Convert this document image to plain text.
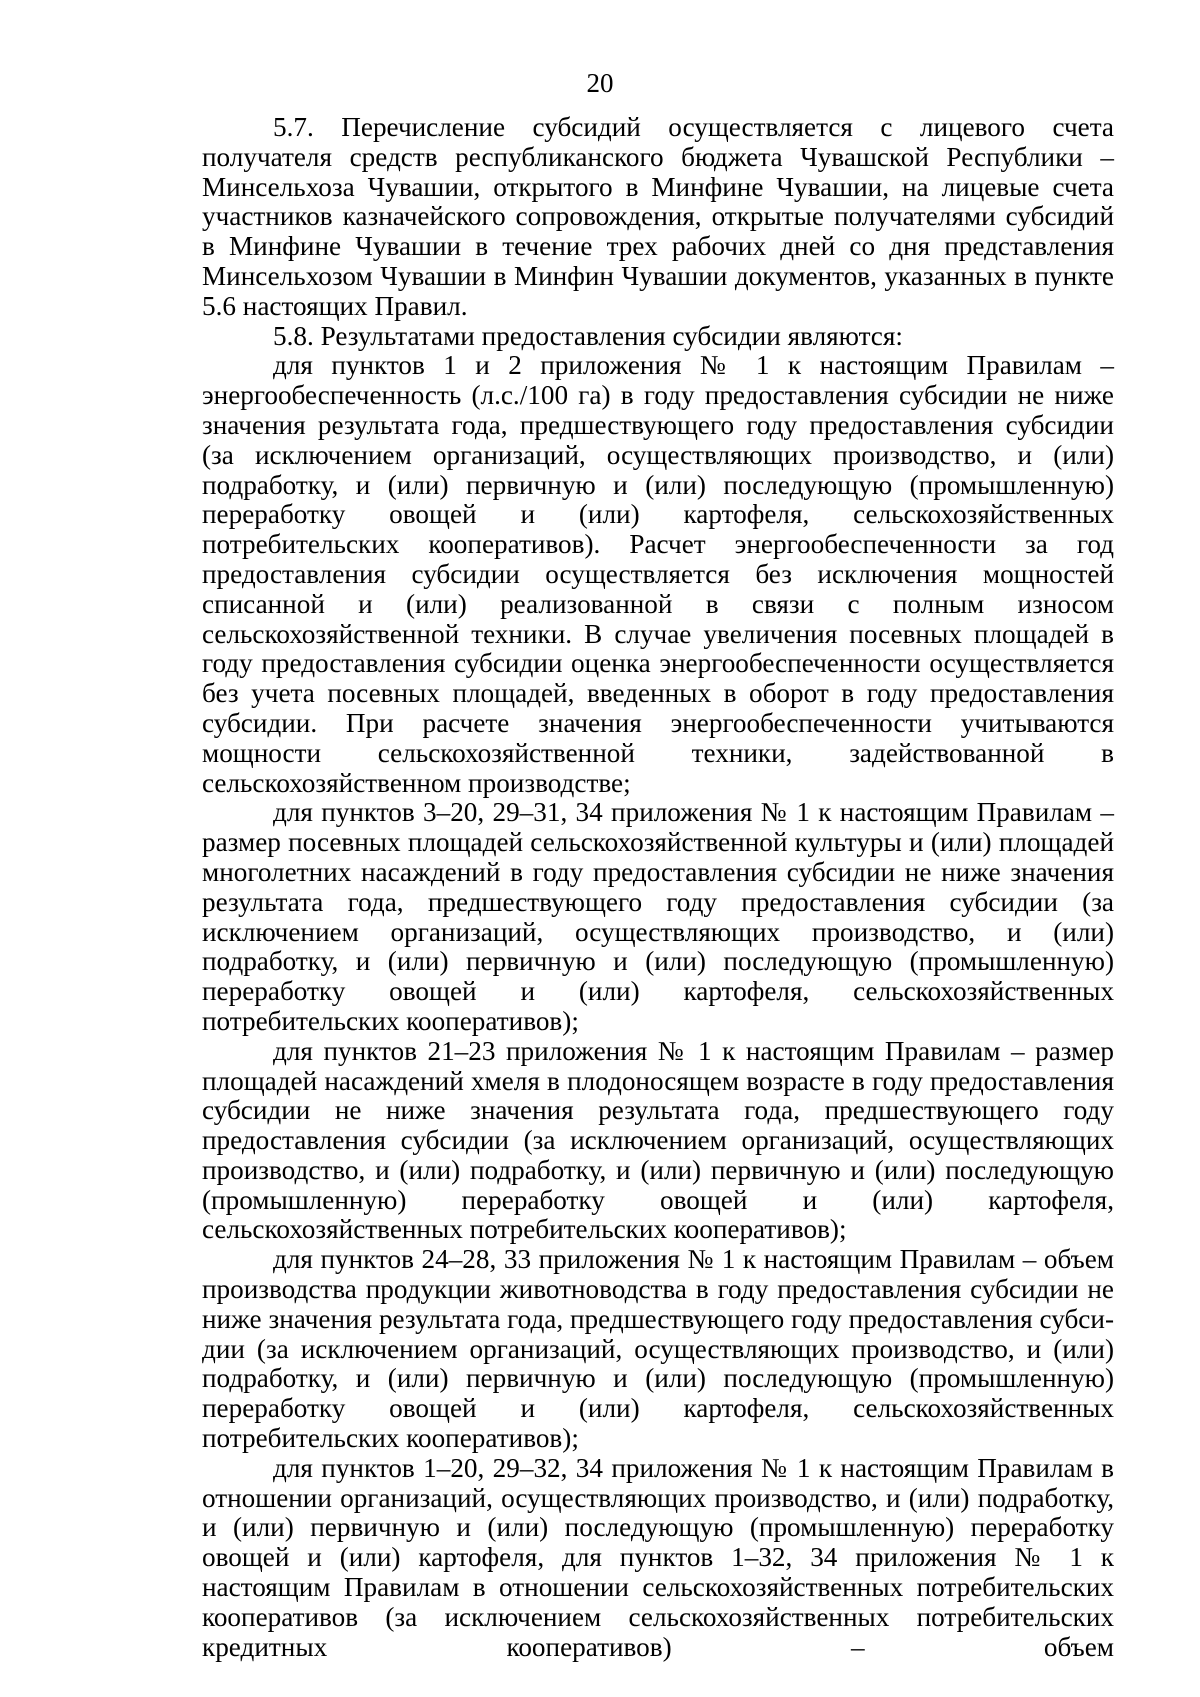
20

5.7. Перечисление субсидий осуществляется с лицевого счета получателя средств республиканского бюджета Чувашской Республики – Минсельхоза Чувашии, открытого в Минфине Чувашии, на лицевые счета участников казначейского сопровождения, открытые получателями субсидий в Минфине Чувашии в течение трех рабочих дней со дня представления Минсельхозом Чувашии в Минфин Чувашии документов, указанных в пункте 5.6 настоящих Правил.

5.8. Результатами предоставления субсидии являются:

для пунктов 1 и 2 приложения № 1 к настоящим Правилам – энергообеспеченность (л.с./100 га) в году предоставления субсидии не ниже значения результата года, предшествующего году предоставления субсидии (за исключением организаций, осуществляющих производство, и (или) подработку, и (или) первичную и (или) последующую (промышленную) переработку овощей и (или) картофеля, сельскохозяйственных потребительских кооперативов). Расчет энергообеспеченности за год предоставления субсидии осуществляется без исключения мощностей списанной и (или) реализованной в связи с полным износом сельскохозяйственной техники. В случае увеличения посевных площадей в году предоставления субсидии оценка энергообеспеченности осуществляется без учета посевных площадей, введенных в оборот в году предоставления субсидии. При расчете значения энергообеспеченности учитываются мощности сельскохозяйственной техники, задействованной в сельскохозяйственном производстве;

для пунктов 3–20, 29–31, 34 приложения № 1 к настоящим Правилам – размер посевных площадей сельскохозяйственной культуры и (или) площадей многолетних насаждений в году предоставления субсидии не ниже значения результата года, предшествующего году предоставления субсидии (за исключением организаций, осуществляющих производство, и (или) подработку, и (или) первичную и (или) последующую (промышленную) переработку овощей и (или) картофеля, сельскохозяйственных потребительских кооперативов);

для пунктов 21–23 приложения № 1 к настоящим Правилам – размер площадей насаждений хмеля в плодоносящем возрасте в году предоставления субсидии не ниже значения результата года, предшествующего году предоставления субсидии (за исключением организаций, осуществляющих производство, и (или) подработку, и (или) первичную и (или) последующую (промышленную) переработку овощей и (или) картофеля, сельскохозяйственных потребительских кооперативов);

для пунктов 24–28, 33 приложения № 1 к настоящим Правилам – объем производства продукции животноводства в году предоставления субсидии не ниже значения результата года, предшествующего году предоставления субсидии (за исключением организаций, осуществляющих производство, и (или) подработку, и (или) первичную и (или) последующую (промышленную) переработку овощей и (или) картофеля, сельскохозяйственных потребительских кооперативов);

для пунктов 1–20, 29–32, 34 приложения № 1 к настоящим Правилам в отношении организаций, осуществляющих производство, и (или) подработку, и (или) первичную и (или) последующую (промышленную) переработку овощей и (или) картофеля, для пунктов 1–32, 34 приложения № 1 к настоящим Правилам в отношении сельскохозяйственных потребительских кооперативов (за исключением сельскохозяйственных потребительских кредитных кооперативов) – объем
